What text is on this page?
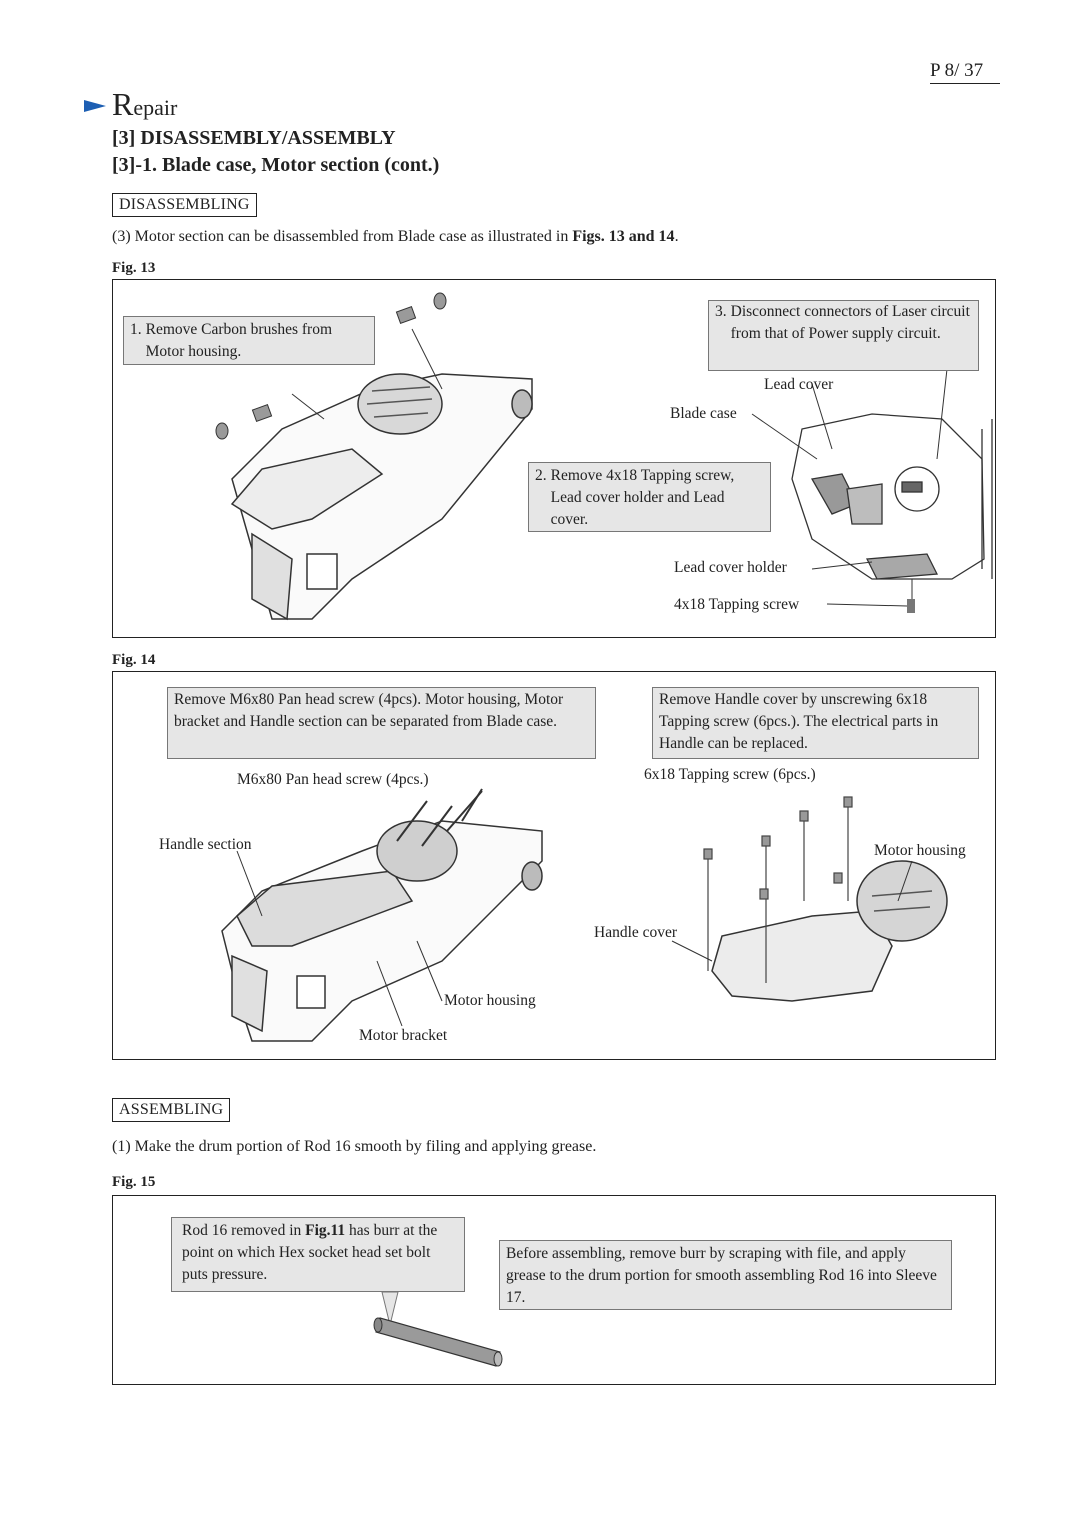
P 8/ 37
R epair
[3] DISASSEMBLY/ASSEMBLY
[3]-1. Blade case, Motor section (cont.)
DISASSEMBLING
(3) Motor section can be disassembled from Blade case as illustrated in Figs. 13 and 14.
Fig. 13
1. Remove Carbon brushes from Motor housing.
2. Remove 4x18 Tapping screw, Lead cover holder and Lead cover.
3. Disconnect connectors of Laser circuit from that of Power supply circuit.
Lead cover
Blade case
Lead cover holder
4x18 Tapping screw
Fig. 14
Remove M6x80 Pan head screw (4pcs). Motor housing, Motor bracket and Handle section can be separated from Blade case.
Remove Handle cover by unscrewing 6x18 Tapping screw (6pcs.). The electrical parts in Handle can be replaced.
M6x80 Pan head screw (4pcs.)
Handle section
Motor housing
Motor bracket
6x18 Tapping screw (6pcs.)
Motor housing
Handle cover
ASSEMBLING
(1) Make the drum portion of Rod 16 smooth by filing and applying grease.
Fig. 15
Rod 16 removed in Fig.11 has burr at the point on which Hex socket head set bolt puts pressure.
Before assembling, remove burr by scraping with file, and apply grease to the drum portion for smooth assembling Rod 16 into Sleeve 17.
